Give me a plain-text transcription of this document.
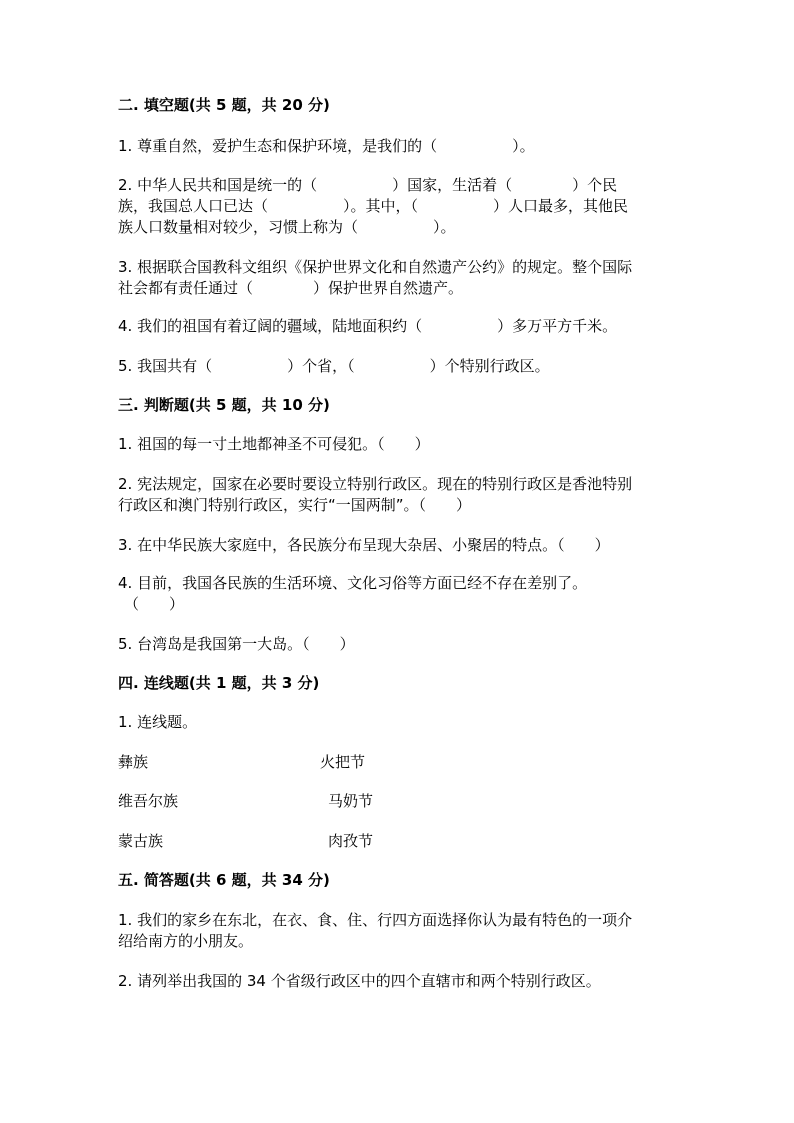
二. 填空题(共 5 题，共 20 分)
1. 尊重自然，爱护生态和保护环境，是我们的（　　　　　）。
2. 中华人民共和国是统一的（　　　　　）国家，生活着（　　　　）个民
族，我国总人口已达（　　　　　）。其中，（　　　　　）人口最多，其他民
族人口数量相对较少，习惯上称为（　　　　　）。
3. 根据联合国教科文组织《保护世界文化和自然遗产公约》的规定。整个国际
社会都有责任通过（　　　　）保护世界自然遗产。
4. 我们的祖国有着辽阔的疆域，陆地面积约（　　　　　）多万平方千米。
5. 我国共有（　　　　　）个省，（　　　　　）个特别行政区。
三. 判断题(共 5 题，共 10 分)
1. 祖国的每一寸土地都神圣不可侵犯。（　　）
2. 宪法规定，国家在必要时要设立特别行政区。现在的特别行政区是香池特别
行政区和澳门特别行政区，实行“一国两制”。（　　）
3. 在中华民族大家庭中，各民族分布呈现大杂居、小聚居的特点。（　　）
4. 目前，我国各民族的生活环境、文化习俗等方面已经不存在差别了。
（　　）
5. 台湾岛是我国第一大岛。（　　）
四. 连线题(共 1 题，共 3 分)
1. 连线题。
彝族	火把节
维吾尔族	马奶节
蒙古族	肉孜节
五. 简答题(共 6 题，共 34 分)
1. 我们的家乡在东北，在衣、食、住、行四方面选择你认为最有特色的一项介
绍给南方的小朋友。
2. 请列举出我国的 34 个省级行政区中的四个直辖市和两个特别行政区。
